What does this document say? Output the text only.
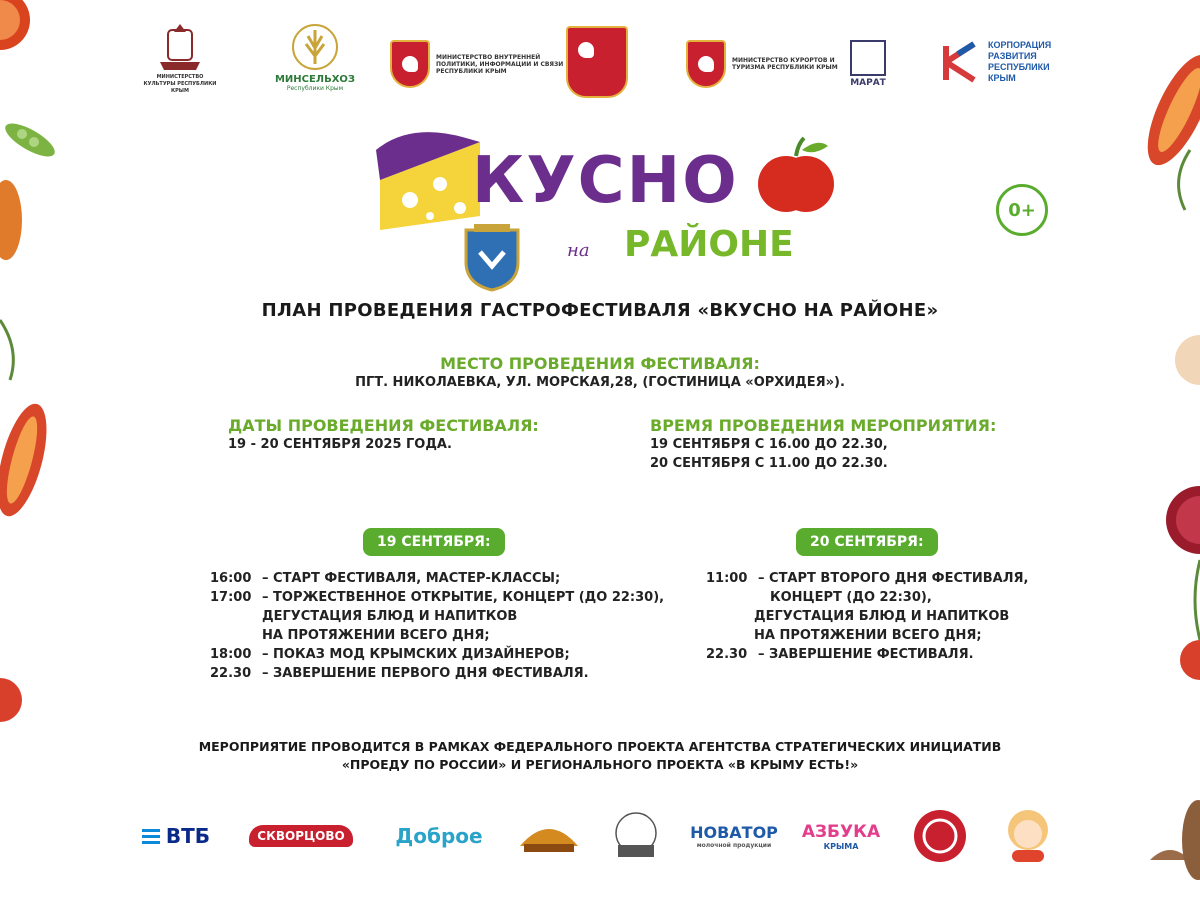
МИНИСТЕРСТВО КУЛЬТУРЫ РЕСПУБЛИКИ КРЫМ
МИНСЕЛЬХОЗ
Республики Крым
МИНИСТЕРСТВО ВНУТРЕННЕЙ ПОЛИТИКИ, ИНФОРМАЦИИ И СВЯЗИ РЕСПУБЛИКИ КРЫМ
МИНИСТЕРСТВО КУРОРТОВ И ТУРИЗМА РЕСПУБЛИКИ КРЫМ
МАРАТ
КОРПОРАЦИЯ
РАЗВИТИЯ
РЕСПУБЛИКИ
КРЫМ
КУСНО
на РАЙОНЕ
0+
ПЛАН ПРОВЕДЕНИЯ ГАСТРОФЕСТИВАЛЯ «ВКУСНО НА РАЙОНЕ»
МЕСТО ПРОВЕДЕНИЯ ФЕСТИВАЛЯ:
ПГТ. НИКОЛАЕВКА, УЛ. МОРСКАЯ,28, (ГОСТИНИЦА «ОРХИДЕЯ»).
ДАТЫ ПРОВЕДЕНИЯ ФЕСТИВАЛЯ:
19 - 20 СЕНТЯБРЯ 2025 ГОДА.
ВРЕМЯ ПРОВЕДЕНИЯ МЕРОПРИЯТИЯ:
19 СЕНТЯБРЯ С 16.00 ДО 22.30,
20 СЕНТЯБРЯ С 11.00 ДО 22.30.
19 СЕНТЯБРЯ:	20 СЕНТЯБРЯ:
16:00 – СТАРТ ФЕСТИВАЛЯ, МАСТЕР-КЛАССЫ;
17:00 – ТОРЖЕСТВЕННОЕ ОТКРЫТИЕ, КОНЦЕРТ (ДО 22:30),
ДЕГУСТАЦИЯ БЛЮД И НАПИТКОВ
НА ПРОТЯЖЕНИИ ВСЕГО ДНЯ;
18:00 – ПОКАЗ МОД КРЫМСКИХ ДИЗАЙНЕРОВ;
22.30 – ЗАВЕРШЕНИЕ ПЕРВОГО ДНЯ ФЕСТИВАЛЯ.
11:00 – СТАРТ ВТОРОГО ДНЯ ФЕСТИВАЛЯ,
КОНЦЕРТ (ДО 22:30),
ДЕГУСТАЦИЯ БЛЮД И НАПИТКОВ
НА ПРОТЯЖЕНИИ ВСЕГО ДНЯ;
22.30 – ЗАВЕРШЕНИЕ ФЕСТИВАЛЯ.
МЕРОПРИЯТИЕ ПРОВОДИТСЯ В РАМКАХ ФЕДЕРАЛЬНОГО ПРОЕКТА АГЕНТСТВА СТРАТЕГИЧЕСКИХ ИНИЦИАТИВ
«ПРОЕДУ ПО РОССИИ» И РЕГИОНАЛЬНОГО ПРОЕКТА «В КРЫМУ ЕСТЬ!»
ВТБ	СКВОРЦОВО	Доброе	НОВАТОР
молочной продукции
АЗБУКА
КРЫМА
